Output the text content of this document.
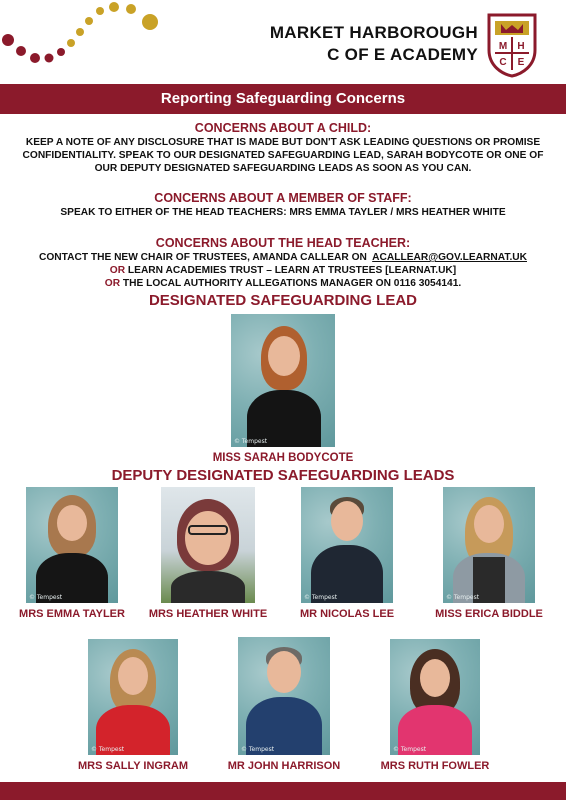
MARKET HARBOROUGH
C OF E ACADEMY M H
C E
Reporting Safeguarding Concerns
CONCERNS ABOUT A CHILD:
KEEP A NOTE OF ANY DISCLOSURE THAT IS MADE BUT DON'T ASK LEADING QUESTIONS OR PROMISE
CONFIDENTIALITY. SPEAK TO OUR DESIGNATED SAFEGUARDING LEAD, SARAH BODYCOTE OR ONE OF
OUR DEPUTY DESIGNATED SAFEGUARDING LEADS AS SOON AS YOU CAN.
CONCERNS ABOUT A MEMBER OF STAFF:
SPEAK TO EITHER OF THE HEAD TEACHERS: MRS EMMA TAYLER / MRS HEATHER WHITE
CONCERNS ABOUT THE HEAD TEACHER:
CONTACT THE NEW CHAIR OF TRUSTEES, AMANDA CALLEAR ON ACALLEAR@GOV.LEARNAT.UK
OR LEARN ACADEMIES TRUST – LEARN AT TRUSTEES [LEARNAT.UK]
OR THE LOCAL AUTHORITY ALLEGATIONS MANAGER ON 0116 3054141.
DESIGNATED SAFEGUARDING LEAD
© Tempest
MISS SARAH BODYCOTE
DEPUTY DESIGNATED SAFEGUARDING LEADS
© Tempest
MRS EMMA TAYLER	MRS HEATHER WHITE
© Tempest
MR NICOLAS LEE
© Tempest
MISS ERICA BIDDLE
© Tempest
MRS SALLY INGRAM
© Tempest
MR JOHN HARRISON
© Tempest
MRS RUTH FOWLER
